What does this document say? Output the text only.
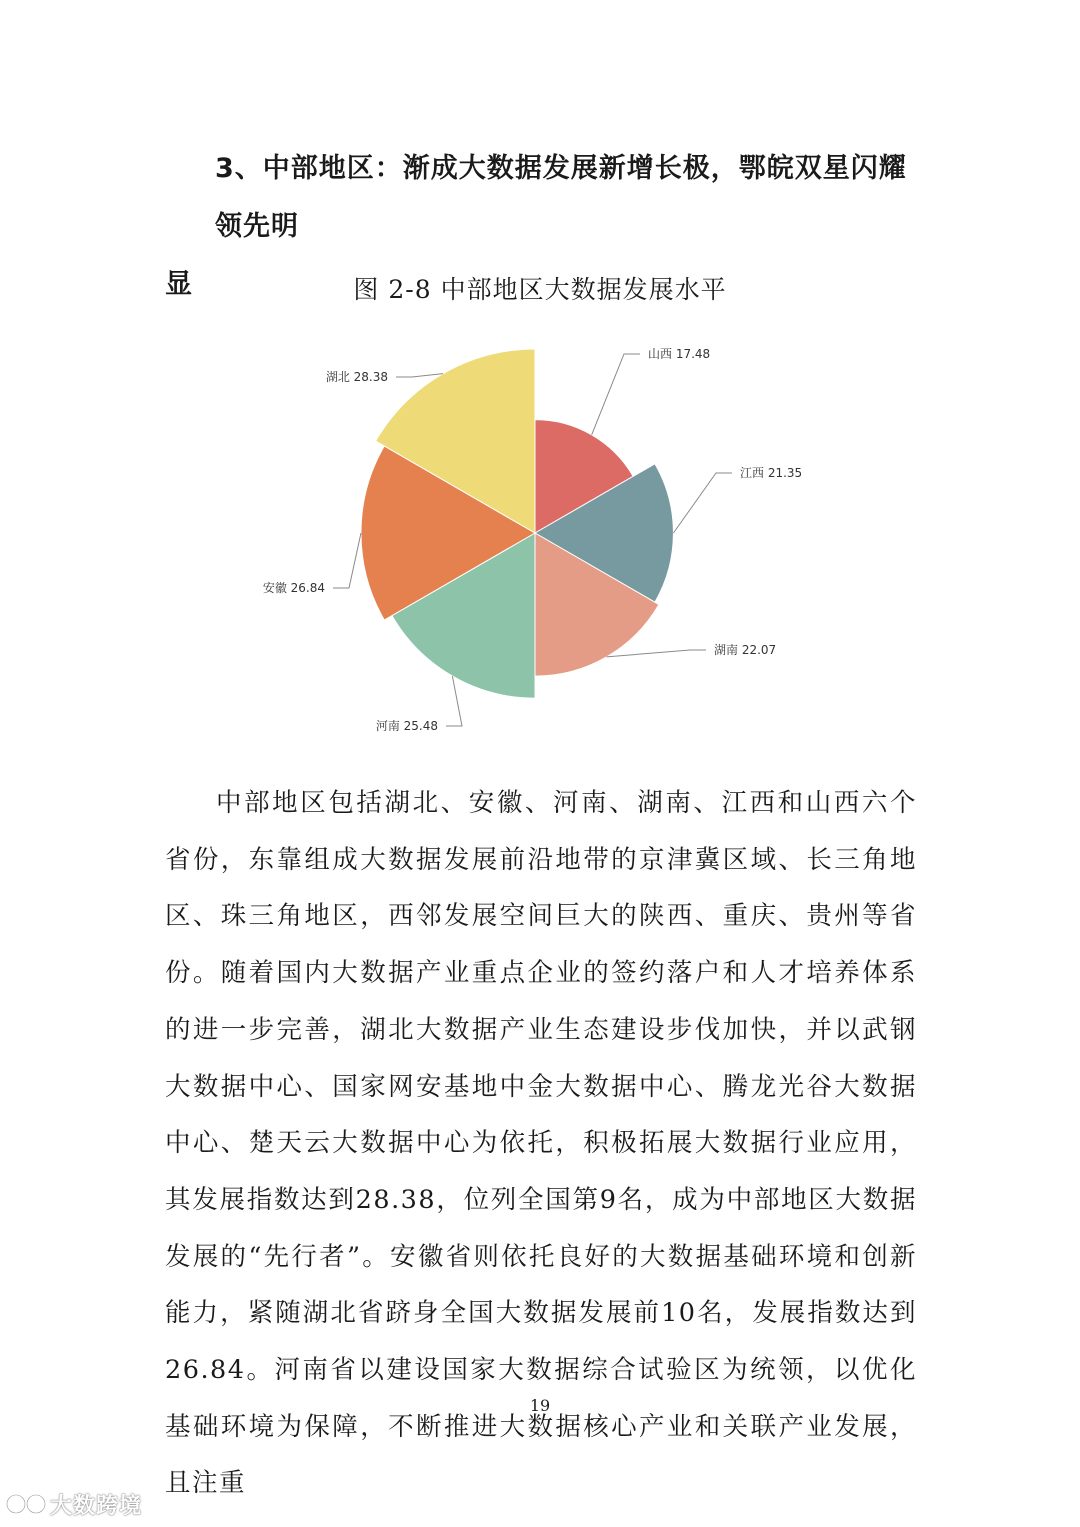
3、中部地区：渐成大数据发展新增长极，鄂皖双星闪耀领先明
显	图 2-8 中部地区大数据发展水平
山西 17.48
江西 21.35
湖南 22.07
河南 25.48
安徽 26.84
湖北 28.38

中部地区包括湖北、安徽、河南、湖南、江西和山西六个省份，东靠组成大数据发展前沿地带的京津冀区域、长三角地区、珠三角地区，西邻发展空间巨大的陕西、重庆、贵州等省份。随着国内大数据产业重点企业的签约落户和人才培养体系的进一步完善，湖北大数据产业生态建设步伐加快，并以武钢大数据中心、国家网安基地中金大数据中心、腾龙光谷大数据中心、楚天云大数据中心为依托，积极拓展大数据行业应用，其发展指数达到28.38，位列全国第9名，成为中部地区大数据发展的“先行者”。安徽省则依托良好的大数据基础环境和创新能力，紧随湖北省跻身全国大数据发展前10名，发展指数达到26.84。河南省以建设国家大数据综合试验区为统领，以优化基础环境为保障，不断推进大数据核心产业和关联产业发展，且注重

19
大数跨境
